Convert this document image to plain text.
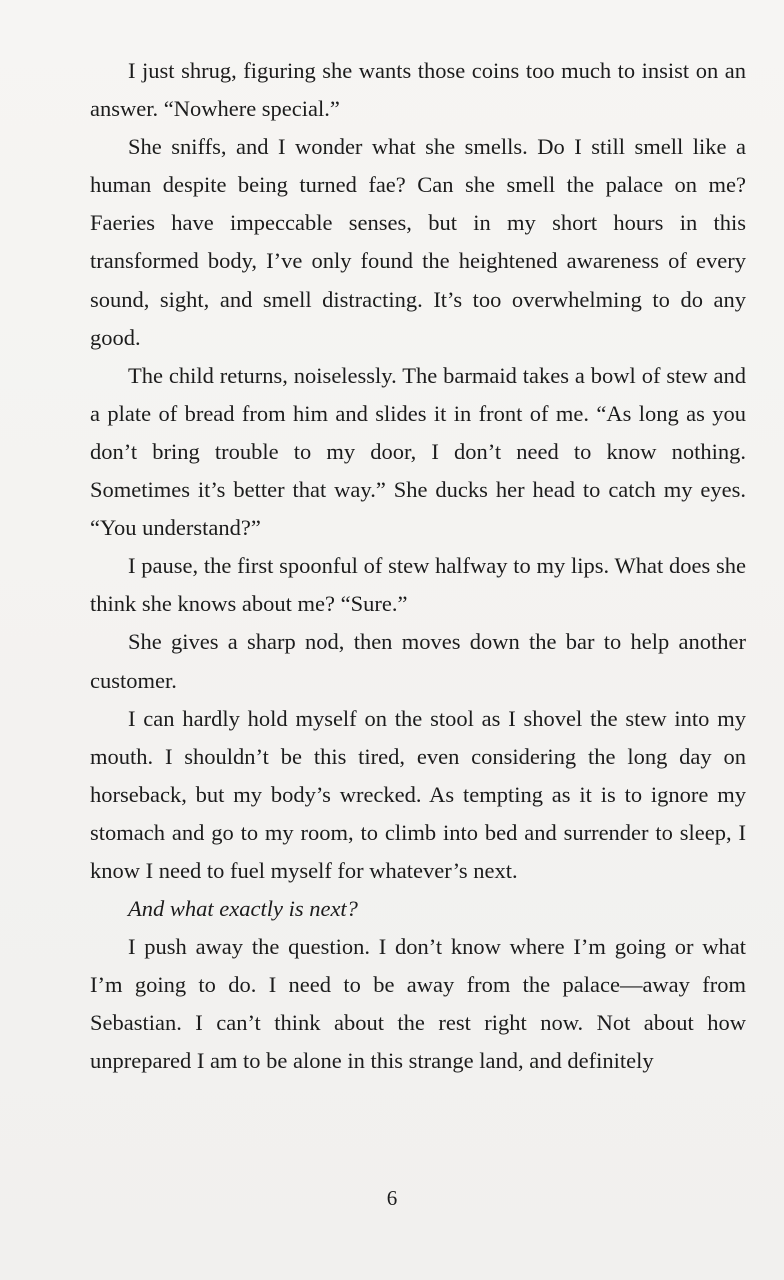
I just shrug, figuring she wants those coins too much to insist on an answer. “Nowhere special.”

She sniffs, and I wonder what she smells. Do I still smell like a human despite being turned fae? Can she smell the palace on me? Faeries have impeccable senses, but in my short hours in this transformed body, I’ve only found the heightened awareness of every sound, sight, and smell distracting. It’s too overwhelming to do any good.

The child returns, noiselessly. The barmaid takes a bowl of stew and a plate of bread from him and slides it in front of me. “As long as you don’t bring trouble to my door, I don’t need to know nothing. Sometimes it’s better that way.” She ducks her head to catch my eyes. “You understand?”

I pause, the first spoonful of stew halfway to my lips. What does she think she knows about me? “Sure.”

She gives a sharp nod, then moves down the bar to help another customer.

I can hardly hold myself on the stool as I shovel the stew into my mouth. I shouldn’t be this tired, even considering the long day on horseback, but my body’s wrecked. As tempting as it is to ignore my stomach and go to my room, to climb into bed and surrender to sleep, I know I need to fuel myself for whatever’s next.

And what exactly is next?

I push away the question. I don’t know where I’m going or what I’m going to do. I need to be away from the palace—away from Sebastian. I can’t think about the rest right now. Not about how unprepared I am to be alone in this strange land, and definitely

6
